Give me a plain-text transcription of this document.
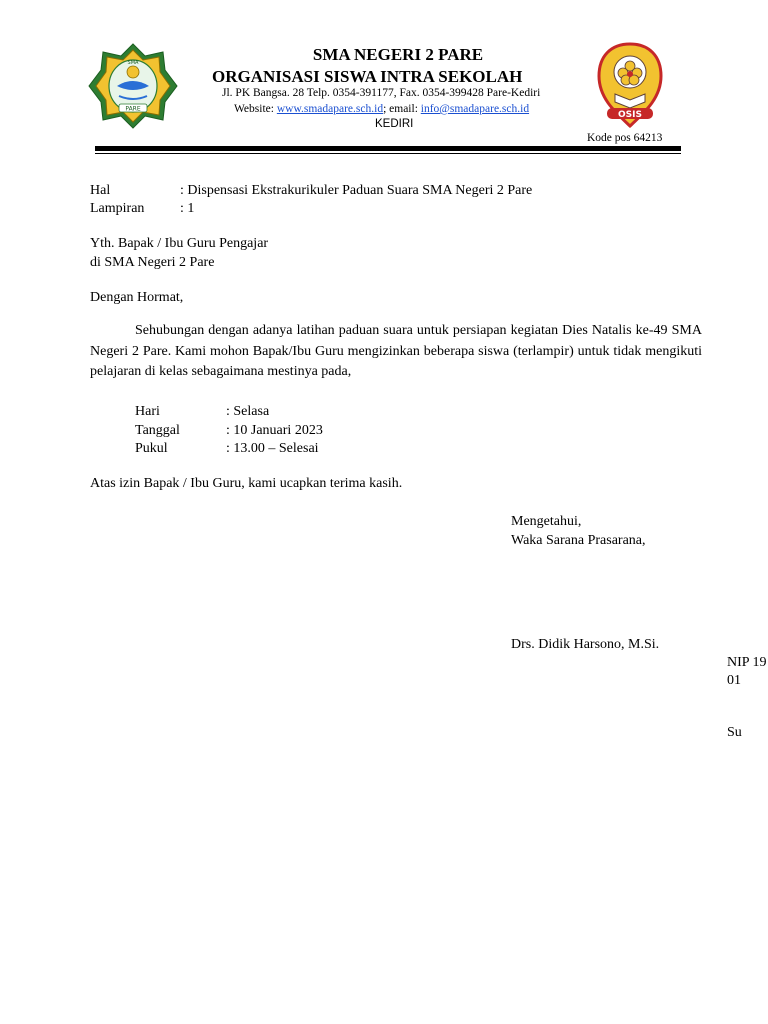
PARE
SMA	SMA NEGERI 2 PARE
ORGANISASI SISWA INTRA SEKOLAH
Jl. PK Bangsa. 28 Telp. 0354-391177, Fax. 0354-399428 Pare-Kediri
Website: www.smadapare.sch.id; email: info@smadapare.sch.id
KEDIRI
OSIS
Kode pos 64213
Hal	: Dispensasi Ekstrakurikuler Paduan Suara SMA Negeri 2 Pare
Lampiran	: 1
Yth. Bapak / Ibu Guru Pengajar
di SMA Negeri 2 Pare
Dengan Hormat,
Sehubungan dengan adanya latihan paduan suara untuk persiapan kegiatan Dies Natalis ke-49 SMA Negeri 2 Pare. Kami mohon Bapak/Ibu Guru mengizinkan beberapa siswa (terlampir) untuk tidak mengikuti pelajaran di kelas sebagaimana mestinya pada,
Hari	: Selasa
Tanggal	: 10 Januari 2023
Pukul	: 13.00 – Selesai
Atas izin Bapak / Ibu Guru, kami ucapkan terima kasih.
Mengetahui,
Waka Sarana Prasarana,
Drs. Didik Harsono, M.Si.
NIP 19
01
Su
